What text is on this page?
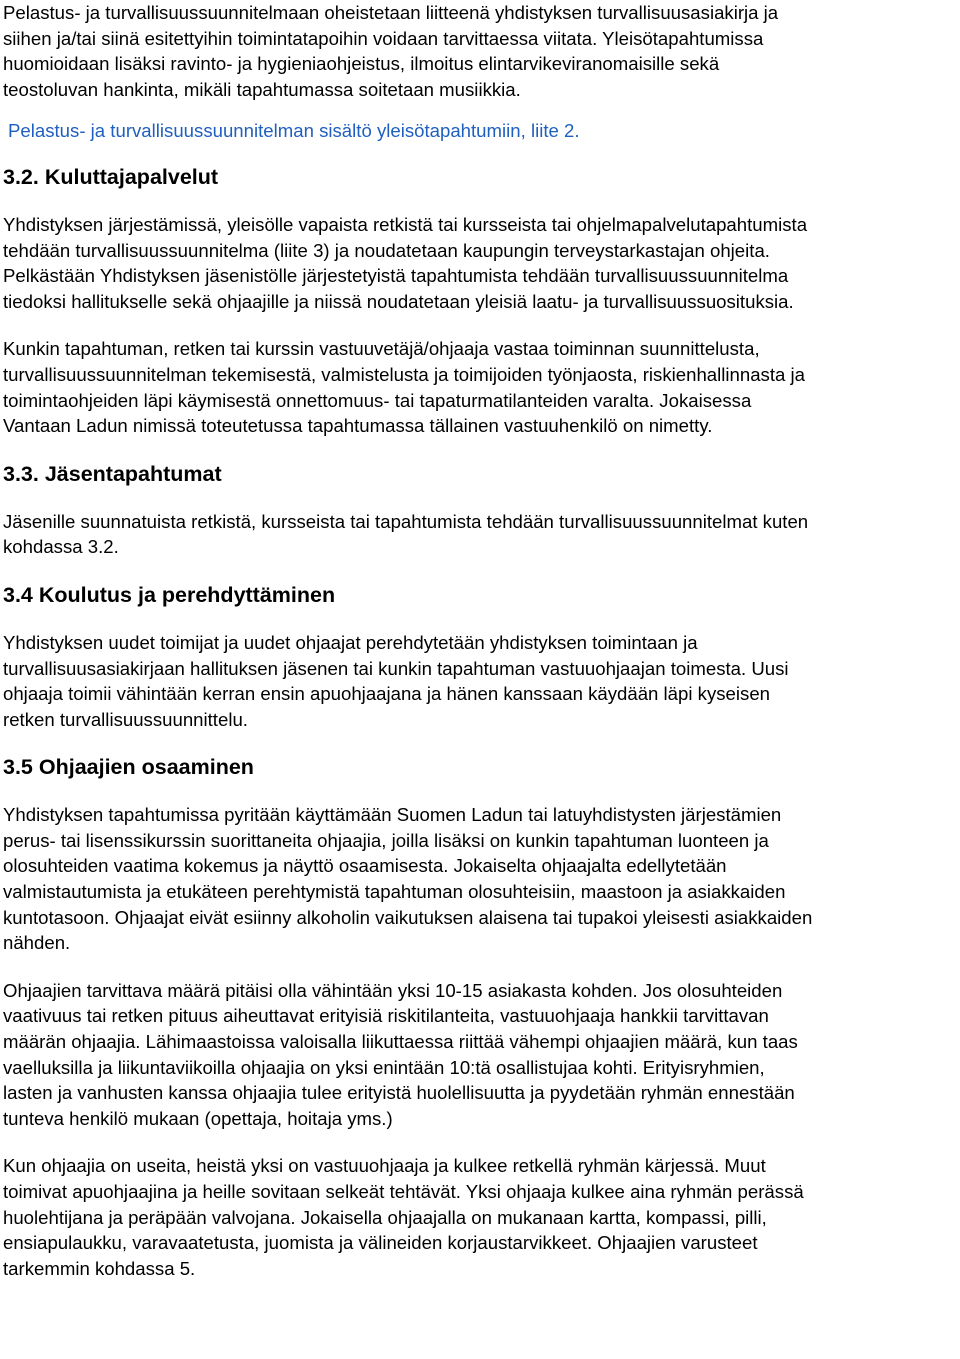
Pelastus- ja turvallisuussuunnitelmaan oheistetaan liitteenä yhdistyksen turvallisuusasiakirja ja
siihen ja/tai siinä esitettyihin toimintatapoihin voidaan tarvittaessa viitata. Yleisötapahtumissa
huomioidaan lisäksi ravinto- ja hygieniaohjeistus, ilmoitus elintarvikeviranomaisille sekä
teostoluvan hankinta, mikäli tapahtumassa soitetaan musiikkia.
Pelastus- ja turvallisuussuunnitelman sisältö yleisötapahtumiin, liite 2.
3.2. Kuluttajapalvelut
Yhdistyksen järjestämissä, yleisölle vapaista retkistä tai kursseista tai ohjelmapalvelutapahtumista
tehdään turvallisuussuunnitelma (liite 3) ja noudatetaan kaupungin terveystarkastajan ohjeita.
Pelkästään Yhdistyksen jäsenistölle järjestetyistä tapahtumista tehdään turvallisuussuunnitelma
tiedoksi hallitukselle sekä ohjaajille ja niissä noudatetaan yleisiä laatu- ja turvallisuussuosituksia.
Kunkin tapahtuman, retken tai kurssin vastuuvetäjä/ohjaaja vastaa toiminnan suunnittelusta,
turvallisuussuunnitelman tekemisestä, valmistelusta ja toimijoiden työnjaosta, riskienhallinnasta ja
toimintaohjeiden läpi käymisestä onnettomuus- tai tapaturmatilanteiden varalta. Jokaisessa
Vantaan Ladun nimissä toteutetussa tapahtumassa tällainen vastuuhenkilö on nimetty.
3.3. Jäsentapahtumat
Jäsenille suunnatuista retkistä, kursseista tai tapahtumista tehdään turvallisuussuunnitelmat kuten
kohdassa 3.2.
3.4 Koulutus ja perehdyttäminen
Yhdistyksen uudet toimijat ja uudet ohjaajat perehdytetään yhdistyksen toimintaan ja
turvallisuusasiakirjaan hallituksen jäsenen tai kunkin tapahtuman vastuuohjaajan toimesta. Uusi
ohjaaja toimii vähintään kerran ensin apuohjaajana ja hänen kanssaan käydään läpi kyseisen
retken turvallisuussuunnittelu.
3.5 Ohjaajien osaaminen
Yhdistyksen tapahtumissa pyritään käyttämään Suomen Ladun tai latuyhdistysten järjestämien
perus- tai lisenssikurssin suorittaneita ohjaajia, joilla lisäksi on kunkin tapahtuman luonteen ja
olosuhteiden vaatima kokemus ja näyttö osaamisesta. Jokaiselta ohjaajalta edellytetään
valmistautumista ja etukäteen perehtymistä tapahtuman olosuhteisiin, maastoon ja asiakkaiden
kuntotasoon. Ohjaajat eivät esiinny alkoholin vaikutuksen alaisena tai tupakoi yleisesti asiakkaiden
nähden.
Ohjaajien tarvittava määrä pitäisi olla vähintään yksi 10-15 asiakasta kohden. Jos olosuhteiden
vaativuus tai retken pituus aiheuttavat erityisiä riskitilanteita, vastuuohjaaja hankkii tarvittavan
määrän ohjaajia. Lähimaastoissa valoisalla liikuttaessa riittää vähempi ohjaajien määrä, kun taas
vaelluksilla ja liikuntaviikoilla ohjaajia on yksi enintään 10:tä osallistujaa kohti. Erityisryhmien,
lasten ja vanhusten kanssa ohjaajia tulee erityistä huolellisuutta ja pyydetään ryhmän ennestään
tunteva henkilö mukaan (opettaja, hoitaja yms.)
Kun ohjaajia on useita, heistä yksi on vastuuohjaaja ja kulkee retkellä ryhmän kärjessä. Muut
toimivat apuohjaajina ja heille sovitaan selkeät tehtävät. Yksi ohjaaja kulkee aina ryhmän perässä
huolehtijana ja peräpään valvojana. Jokaisella ohjaajalla on mukanaan kartta, kompassi, pilli,
ensiapulaukku, varavaatetusta, juomista ja välineiden korjaustarvikkeet. Ohjaajien varusteet
tarkemmin kohdassa 5.
